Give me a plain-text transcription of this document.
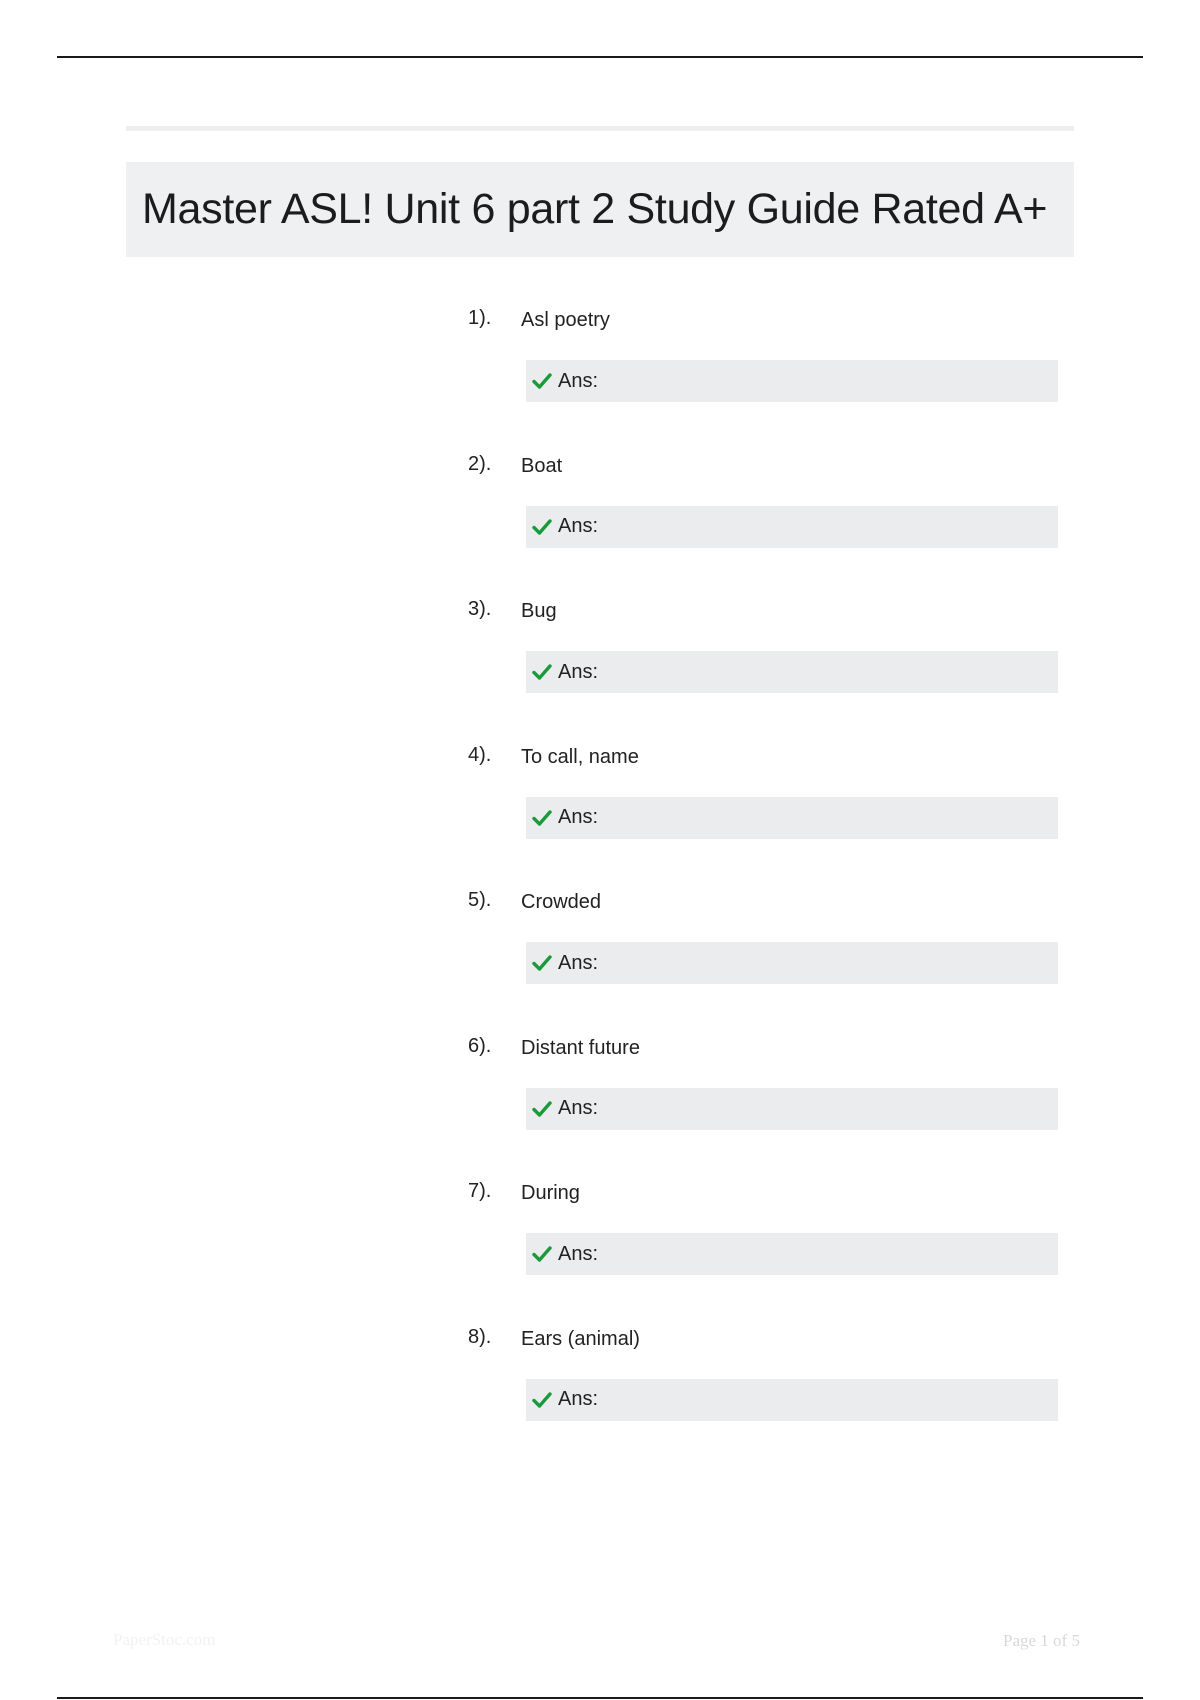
Master ASL! Unit 6 part 2 Study Guide Rated A+
1). Asl poetry
Ans:
2). Boat
Ans:
3). Bug
Ans:
4). To call, name
Ans:
5). Crowded
Ans:
6). Distant future
Ans:
7). During
Ans:
8). Ears (animal)
Ans:
PaperStoc.com	Page 1 of 5
